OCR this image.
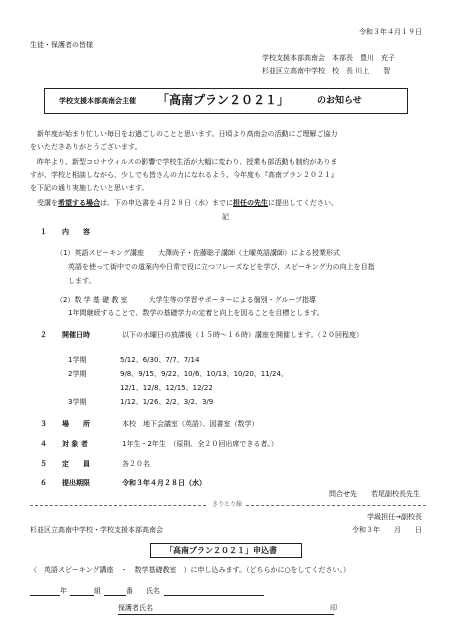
令和３年４月１９日
生徒・保護者の皆様
学校支援本部高南会　本部長　豊川　充子
杉並区立高南中学校　校　長 川上　　智
学校支援本部高南会主催 「高南プラン２０２１」	のお知らせ
　新年度が始まり忙しい毎日をお過ごしのことと思います。日頃より高南会の活動にご理解ご協力
をいただきありがとうございます。
　昨年より、新型コロナウィルスの影響で学校生活が大幅に変わり、授業も部活動も制約がありま
すが、学校と相談しながら、少しでも皆さんの力になれるよう、今年度も『高南プラン２０２１』
を下記の通り実施したいと思います。
　受講を希望する場合は、下の申込書を４月２８日（水）までに担任の先生に提出してください。
記
１ 内　　容
（1）英語スピーキング講座　　大澤尚子・佐藤聡子講師（土曜英語講師）による授業形式
英語を使って街中での道案内や日常で役に立つフレーズなどを学び、スピーキング力の向上を目指
します。
（2）数 学 基 礎 教 室　　　大学生等の学習サポーターによる個別・グループ指導
1年間継続することで、数学の基礎学力の定着と向上を図ることを目標とします。
２ 開催日時	以下の水曜日の放課後（１５時～１６時）講座を開催します。（２０回程度）
1学期	5/12、6/30、7/7、7/14
2学期	9/8、9/15、9/22、10/6、10/13、10/20、11/24、
12/1、12/8、12/15、12/22
3学期	1/12、1/26、2/2、3/2、3/9
３ 場　　所	本校　地下会議室（英語）、図書室（数学）
４ 対 象 者	1年生・2年生　（原則、全２０回出席できる者。）
５ 定　　員	各２０名
６ 提出期限	令和３年４月２８日（水）
問合せ先　　若尾副校長先生
きりとり線
学級担任→副校長
杉並区立高南中学校・学校支援本部高南会	令和３年　　月　　日
「高南プラン２０２１」申込書
（　英語スピーキング講座　・　数学基礎教室　）に申し込みます。（どちらかに○をしてください。）
年	組	番 氏名
保護者氏名	印
